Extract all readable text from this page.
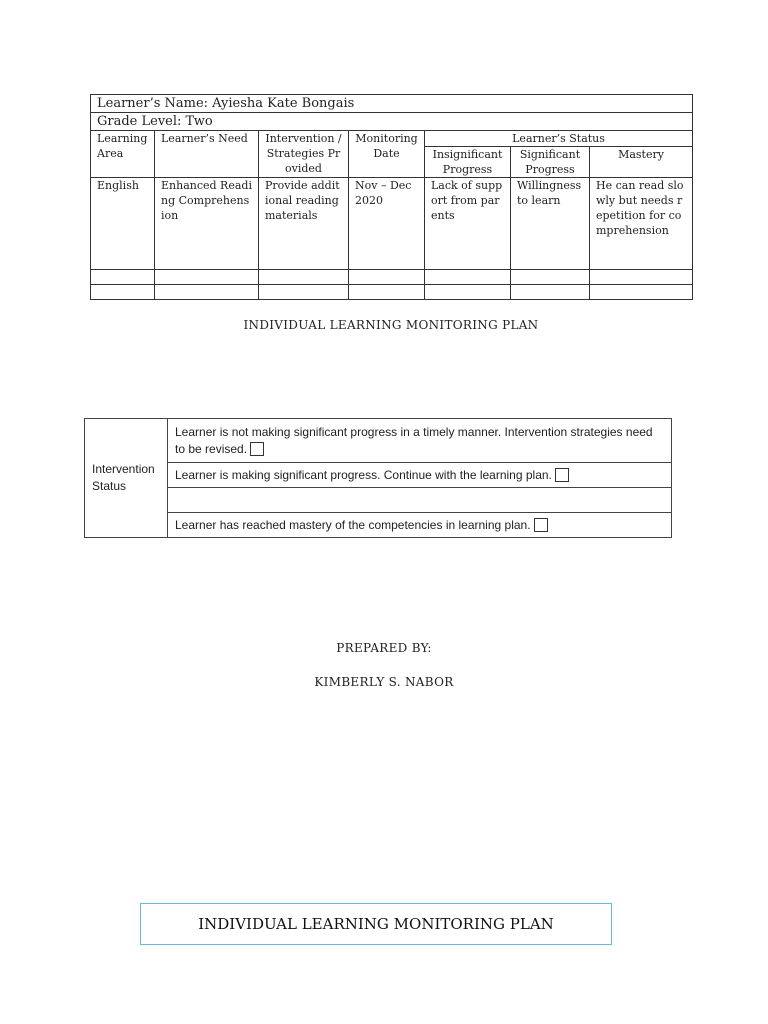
Learner’s Name: Ayiesha Kate Bongais						
Grade Level: Two						
Learning Area	Learner’s Need	Intervention / Strategies Provided	Monitoring Date	Learner’s Status		
				Insignificant Progress	Significant Progress	Mastery
English	Enhanced Reading Comprehension	Provide additional reading materials	Nov – Dec 2020	Lack of support from parents	Willingness to learn	He can read slowly but needs repetition for comprehension

INDIVIDUAL LEARNING MONITORING PLAN
Intervention Status	Learner is not making significant progress in a timely manner. Intervention strategies need to be revised.
Learner is making significant progress. Continue with the learning plan.

Learner has reached mastery of the competencies in learning plan.
PREPARED BY:
KIMBERLY S. NABOR
INDIVIDUAL LEARNING MONITORING PLAN
